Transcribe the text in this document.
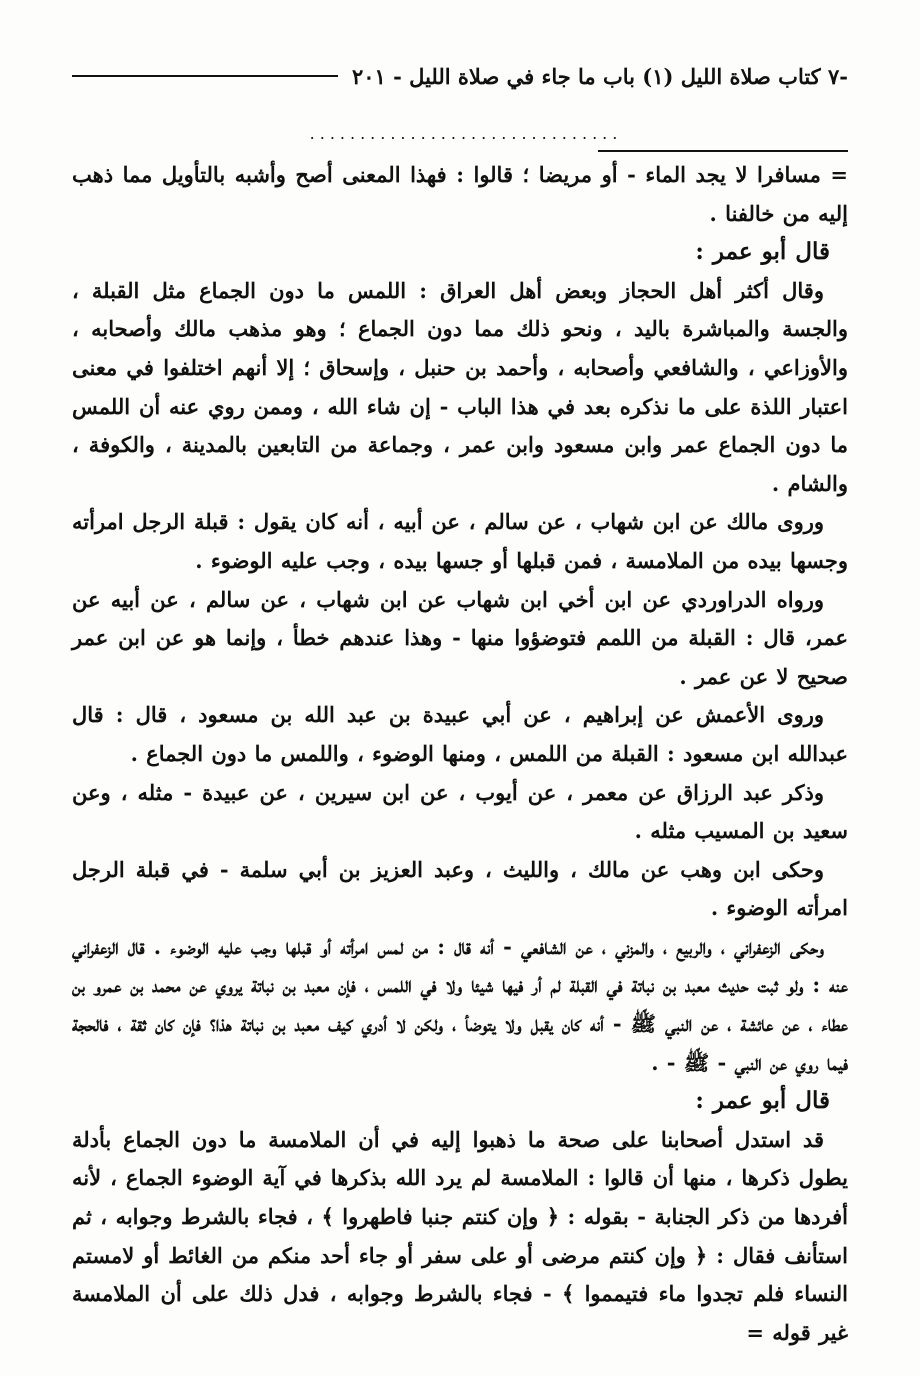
-٧ كتاب صلاة الليل (١) باب ما جاء في صلاة الليل - ٢٠١
...............................

= مسافرا لا يجد الماء - أو مريضا ؛ قالوا : فهذا المعنى أصح وأشبه بالتأويل مما ذهب إليه من خالفنا .

قال أبو عمر :

وقال أكثر أهل الحجاز وبعض أهل العراق : اللمس ما دون الجماع مثل القبلة ، والجسة والمباشرة باليد ، ونحو ذلك مما دون الجماع ؛ وهو مذهب مالك وأصحابه ، والأوزاعي ، والشافعي وأصحابه ، وأحمد بن حنبل ، وإسحاق ؛ إلا أنهم اختلفوا في معنى اعتبار اللذة على ما نذكره بعد في هذا الباب - إن شاء الله ، وممن روي عنه أن اللمس ما دون الجماع عمر وابن مسعود وابن عمر ، وجماعة من التابعين بالمدينة ، والكوفة ، والشام .

وروى مالك عن ابن شهاب ، عن سالم ، عن أبيه ، أنه كان يقول : قبلة الرجل امرأته وجسها بيده من الملامسة ، فمن قبلها أو جسها بيده ، وجب عليه الوضوء .

ورواه الدراوردي عن ابن أخي ابن شهاب عن ابن شهاب ، عن سالم ، عن أبيه عن عمر، قال : القبلة من اللمم فتوضؤوا منها - وهذا عندهم خطأ ، وإنما هو عن ابن عمر صحيح لا عن عمر .

وروى الأعمش عن إبراهيم ، عن أبي عبيدة بن عبد الله بن مسعود ، قال : قال عبدالله ابن مسعود : القبلة من اللمس ، ومنها الوضوء ، واللمس ما دون الجماع .

وذكر عبد الرزاق عن معمر ، عن أيوب ، عن ابن سيرين ، عن عبيدة - مثله ، وعن سعيد بن المسيب مثله .

وحكى ابن وهب عن مالك ، والليث ، وعبد العزيز بن أبي سلمة - في قبلة الرجل امرأته الوضوء .

وحكى الزعفراني ، والربيع ، والمزني ، عن الشافعي - أنه قال : من لمس امرأته أو قبلها وجب عليه الوضوء . قال الزعفراني عنه : ولو ثبت حديث معبد بن نباتة في القبلة لم أر فيها شيئا ولا في اللمس ، فإن معبد بن نباتة يروي عن محمد بن عمرو بن عطاء ، عن عائشة ، عن النبي ﷺ - أنه كان يقبل ولا يتوضأ ، ولكن لا أدري كيف معبد بن نباتة هذا؟ فإن كان ثقة ، فالحجة فيما روي عن النبي - ﷺ - .

قال أبو عمر :

قد استدل أصحابنا على صحة ما ذهبوا إليه في أن الملامسة ما دون الجماع بأدلة يطول ذكرها ، منها أن قالوا : الملامسة لم يرد الله بذكرها في آية الوضوء الجماع ، لأنه أفردها من ذكر الجنابة - بقوله : ﴿ وإن كنتم جنبا فاطهروا ﴾ ، فجاء بالشرط وجوابه ، ثم استأنف فقال : ﴿ وإن كنتم مرضى أو على سفر أو جاء أحد منكم من الغائط أو لامستم النساء فلم تجدوا ماء فتيمموا ﴾ - فجاء بالشرط وجوابه ، فدل ذلك على أن الملامسة غير قوله =
